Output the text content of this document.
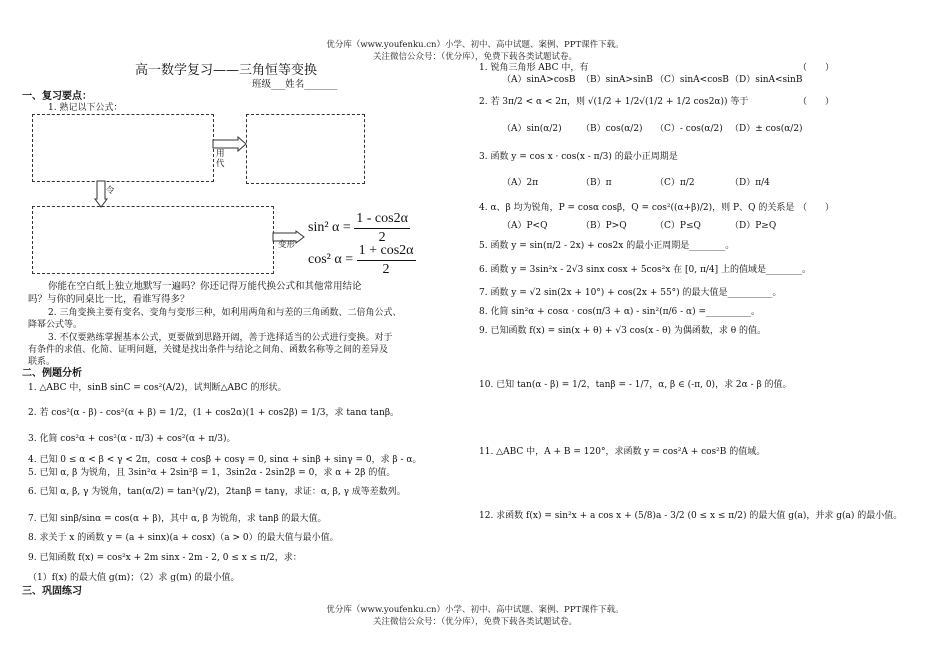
优分库（www.youfenku.cn）小学、初中、高中试题、案例、PPT课件下载。
关注微信公众号：（优分库），免费下载各类试题试卷。
高一数学复习——三角恒等变换
班级___姓名_______
一、复习要点：
1. 熟记以下公式：
用
代
令
变形
sin² $\alpha = \frac{1 - \cos 2\alpha}{2}$
cos² $\alpha = \frac{1 + \cos 2\alpha}{2}$
你能在空白纸上独立地默写一遍吗？你还记得万能代换公式和其他常用结论
吗？与你的同桌比一比，看谁写得多？
2. 三角变换主要有变名、变角与变形三种，如利用两角和与差的三角函数、二倍角公式、
降幂公式等。
3. 不仅要熟练掌握基本公式，更要做到思路开阔，善于选择适当的公式进行变换。对于
有条件的求值、化简、证明问题，关键是找出条件与结论之间角、函数名称等之间的差异及
联系。
二、例题分析
1. △ABC 中，sinB sinC = cos²(A/2)，试判断△ABC 的形状。
2. 若 cos²(α - β) - cos²(α + β) = 1/2，(1 + cos2α)(1 + cos2β) = 1/3，求 tanα tanβ。
3. 化简 cos²α + cos²(α - π/3) + cos²(α + π/3)。
4. 已知 0 ≤ α < β < γ < 2π，cosα + cosβ + cosγ = 0, sinα + sinβ + sinγ = 0，求 β - α。
5. 已知 α, β 为锐角，且 3sin²α + 2sin²β = 1，3sin2α - 2sin2β = 0，求 α + 2β 的值。
6. 已知 α, β, γ 为锐角，tan(α/2) = tan³(γ/2)，2tanβ = tanγ，求证：α, β, γ 成等差数列。
7. 已知 sinβ/sinα = cos(α + β)，其中 α, β 为锐角，求 tanβ 的最大值。
8. 求关于 x 的函数 y = (a + sinx)(a + cosx)（a > 0）的最大值与最小值。
9. 已知函数 f(x) = cos²x + 2m sinx - 2m - 2, 0 ≤ x ≤ π/2，求：
（1）f(x) 的最大值 g(m)；（2）求 g(m) 的最小值。
三、巩固练习
1. 锐角三角形 ABC 中，有	（　　）
（A）sinA>cosB （B）sinA>sinB （C）sinA<cosB （D）sinA<sinB
2. 若 3π/2 < α < 2π，则 √(1/2 + 1/2√(1/2 + 1/2 cos2α)) 等于	（　　）
（A）sin(α/2) （B）cos(α/2) （C）- cos(α/2) （D）± cos(α/2)
3. 函数 y = cos x · cos(x - π/3) 的最小正周期是
（A）2π	（B）π	（C）π/2	（D）π/4
4. α、β 均为锐角，P = cosα cosβ，Q = cos²((α+β)/2)，则 P、Q 的关系是 （　　）
（A）P<Q	（B）P>Q	（C）P≤Q	（D）P≥Q
5. 函数 y = sin(π/2 - 2x) + cos2x 的最小正周期是________。
6. 函数 y = 3sin²x - 2√3 sinx cosx + 5cos²x 在 [0, π/4] 上的值域是________。
7. 函数 y = √2 sin(2x + 10°) + cos(2x + 55°) 的最大值是__________。
8. 化简 sin²α + cosα · cos(π/3 + α) - sin²(π/6 - α) =__________。
9. 已知函数 f(x) = sin(x + θ) + √3 cos(x - θ) 为偶函数，求 θ 的值。
10. 已知 tan(α - β) = 1/2，tanβ = - 1/7，α, β ∈ (-π, 0)，求 2α - β 的值。
11. △ABC 中，A + B = 120°，求函数 y = cos²A + cos²B 的值域。
12. 求函数 f(x) = sin²x + a cos x + (5/8)a - 3/2 (0 ≤ x ≤ π/2) 的最大值 g(a)，并求 g(a) 的最小值。
优分库（www.youfenku.cn）小学、初中、高中试题、案例、PPT课件下载。
关注微信公众号：（优分库），免费下载各类试题试卷。
